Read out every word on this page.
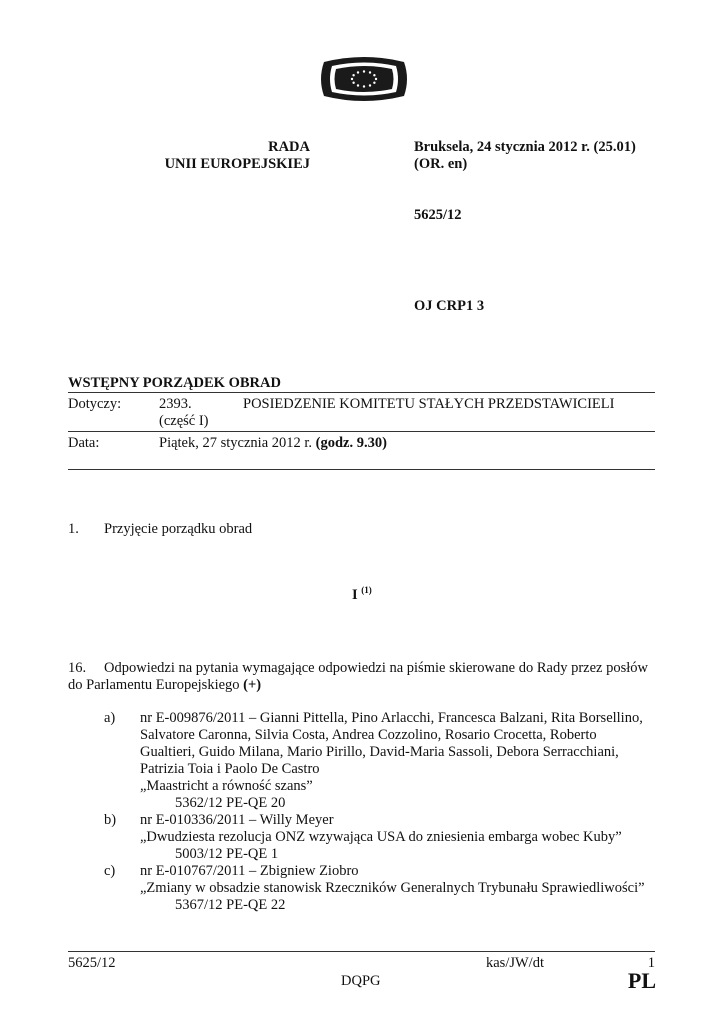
RADA
UNII EUROPEJSKIEJ
Bruksela, 24 stycznia 2012 r. (25.01)
(OR. en)
5625/12
OJ CRP1 3
WSTĘPNY PORZĄDEK OBRAD
Dotyczy:	2393.	POSIEDZENIE KOMITETU STAŁYCH PRZEDSTAWICIELI
(część I)
Data:	Piątek, 27 stycznia 2012 r. (godz. 9.30)
1. Przyjęcie porządku obrad
I $^{(1)}$
16. Odpowiedzi na pytania wymagające odpowiedzi na piśmie skierowane do Rady przez posłów
do Parlamentu Europejskiego (+)
a) nr E-009876/2011 – Gianni Pittella, Pino Arlacchi, Francesca Balzani, Rita Borsellino,
Salvatore Caronna, Silvia Costa, Andrea Cozzolino, Rosario Crocetta, Roberto
Gualtieri, Guido Milana, Mario Pirillo, David-Maria Sassoli, Debora Serracchiani,
Patrizia Toia i Paolo De Castro
„Maastricht a równość szans”
5362/12 PE-QE 20
b) nr E-010336/2011 – Willy Meyer
„Dwudziesta rezolucja ONZ wzywająca USA do zniesienia embarga wobec Kuby”
5003/12 PE-QE 1
c) nr E-010767/2011 – Zbigniew Ziobro
„Zmiany w obsadzie stanowisk Rzeczników Generalnych Trybunału Sprawiedliwości”
5367/12 PE-QE 22
5625/12	kas/JW/dt	1
DQPG	PL
